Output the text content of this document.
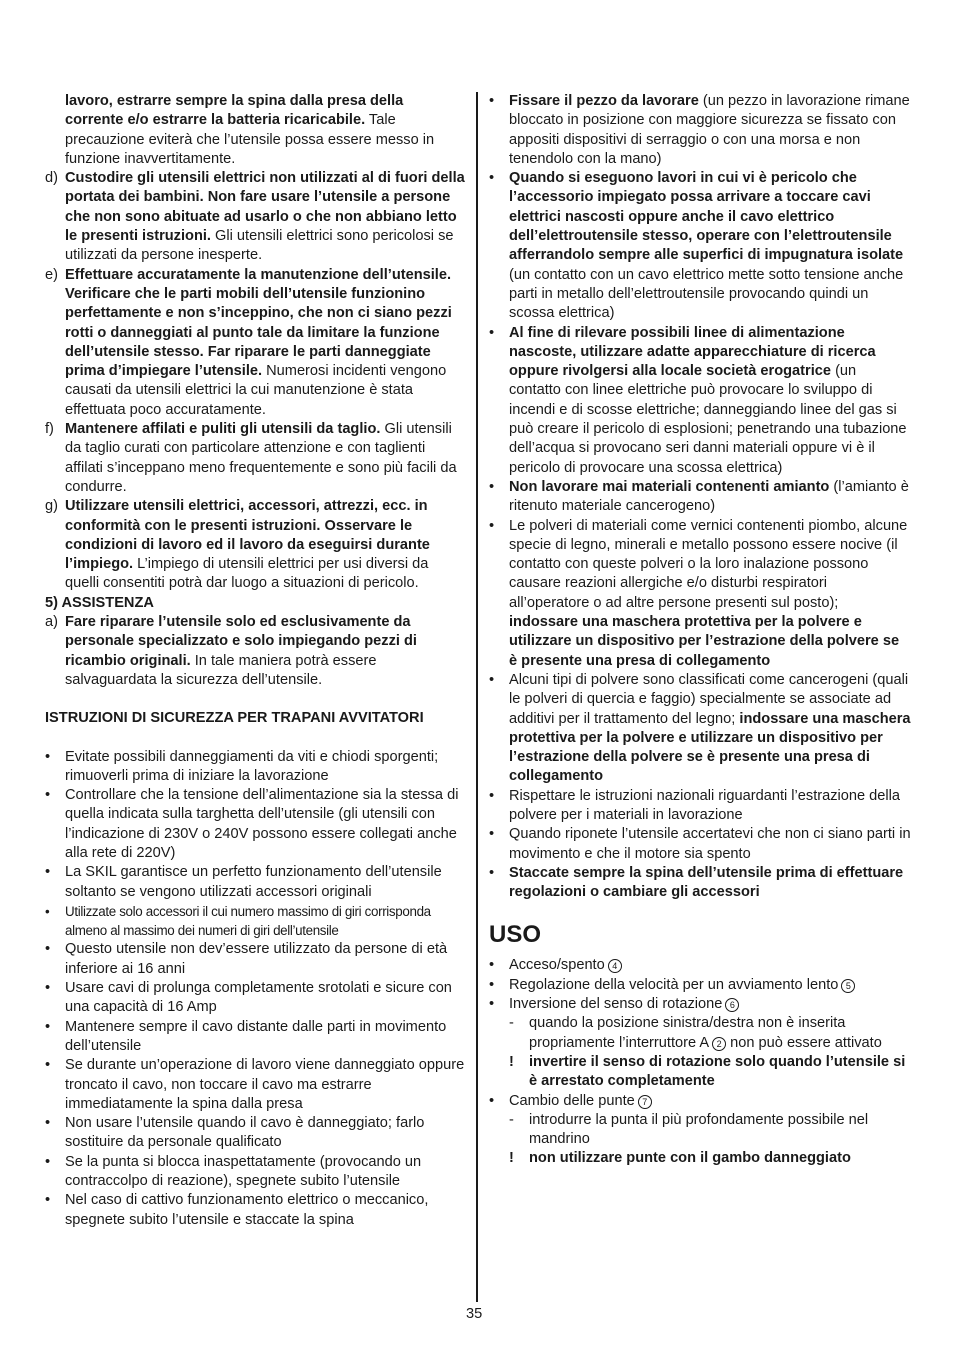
lavoro, estrarre sempre la spina dalla presa della corrente e/o estrarre la batteria ricaricabile. Tale precauzione eviterà che l’utensile possa essere messo in funzione inavvertitamente.
d) Custodire gli utensili elettrici non utilizzati al di fuori della portata dei bambini. Non fare usare l’utensile a persone che non sono abituate ad usarlo o che non abbiano letto le presenti istruzioni. Gli utensili elettrici sono pericolosi se utilizzati da persone inesperte.
e) Effettuare accuratamente la manutenzione dell’utensile. Verificare che le parti mobili dell’utensile funzionino perfettamente e non s’inceppino, che non ci siano pezzi rotti o danneggiati al punto tale da limitare la funzione dell’utensile stesso. Far riparare le parti danneggiate prima d’impiegare l’utensile. Numerosi incidenti vengono causati da utensili elettrici la cui manutenzione è stata effettuata poco accuratamente.
f) Mantenere affilati e puliti gli utensili da taglio. Gli utensili da taglio curati con particolare attenzione e con taglienti affilati s’inceppano meno frequentemente e sono più facili da condurre.
g) Utilizzare utensili elettrici, accessori, attrezzi, ecc. in conformità con le presenti istruzioni. Osservare le condizioni di lavoro ed il lavoro da eseguirsi durante l’impiego. L’impiego di utensili elettrici per usi diversi da quelli consentiti potrà dar luogo a situazioni di pericolo.
5) ASSISTENZA
a) Fare riparare l’utensile solo ed esclusivamente da personale specializzato e solo impiegando pezzi di ricambio originali. In tale maniera potrà essere salvaguardata la sicurezza dell’utensile.
ISTRUZIONI DI SICUREZZA PER TRAPANI AVVITATORI
• Evitate possibili danneggiamenti da viti e chiodi sporgenti; rimuoverli prima di iniziare la lavorazione
• Controllare che la tensione dell’alimentazione sia la stessa di quella indicata sulla targhetta dell’utensile (gli utensili con l’indicazione di 230V o 240V possono essere collegati anche alla rete di 220V)
• La SKIL garantisce un perfetto funzionamento dell’utensile soltanto se vengono utilizzati accessori originali
• Utilizzate solo accessori il cui numero massimo di giri corrisponda almeno al massimo dei numeri di giri dell’utensile
• Questo utensile non dev’essere utilizzato da persone di età inferiore ai 16 anni
• Usare cavi di prolunga completamente srotolati e sicure con una capacità di 16 Amp
• Mantenere sempre il cavo distante dalle parti in movimento dell’utensile
• Se durante un’operazione di lavoro viene danneggiato oppure troncato il cavo, non toccare il cavo ma estrarre immediatamente la spina dalla presa
• Non usare l’utensile quando il cavo è danneggiato; farlo sostituire da personale qualificato
• Se la punta si blocca inaspettatamente (provocando un contraccolpo di reazione), spegnete subito l’utensile
• Nel caso di cattivo funzionamento elettrico o meccanico, spegnete subito l’utensile e staccate la spina
• Fissare il pezzo da lavorare (un pezzo in lavorazione rimane bloccato in posizione con maggiore sicurezza se fissato con appositi dispositivi di serraggio o con una morsa e non tenendolo con la mano)
• Quando si eseguono lavori in cui vi è pericolo che l’accessorio impiegato possa arrivare a toccare cavi elettrici nascosti oppure anche il cavo elettrico dell’elettroutensile stesso, operare con l’elettroutensile afferrandolo sempre alle superfici di impugnatura isolate (un contatto con un cavo elettrico mette sotto tensione anche parti in metallo dell’elettroutensile provocando quindi un scossa elettrica)
• Al fine di rilevare possibili linee di alimentazione nascoste, utilizzare adatte apparecchiature di ricerca oppure rivolgersi alla locale società erogatrice (un contatto con linee elettriche può provocare lo sviluppo di incendi e di scosse elettriche; danneggiando linee del gas si può creare il pericolo di esplosioni; penetrando una tubazione dell’acqua si provocano seri danni materiali oppure vi è il pericolo di provocare una scossa elettrica)
• Non lavorare mai materiali contenenti amianto (l’amianto è ritenuto materiale cancerogeno)
• Le polveri di materiali come vernici contenenti piombo, alcune specie di legno, minerali e metallo possono essere nocive (il contatto con queste polveri o la loro inalazione possono causare reazioni allergiche e/o disturbi respiratori all’operatore o ad altre persone presenti sul posto); indossare una maschera protettiva per la polvere e utilizzare un dispositivo per l’estrazione della polvere se è presente una presa di collegamento
• Alcuni tipi di polvere sono classificati come cancerogeni (quali le polveri di quercia e faggio) specialmente se associate ad additivi per il trattamento del legno; indossare una maschera protettiva per la polvere e utilizzare un dispositivo per l’estrazione della polvere se è presente una presa di collegamento
• Rispettare le istruzioni nazionali riguardanti l’estrazione della polvere per i materiali in lavorazione
• Quando riponete l’utensile accertatevi che non ci siano parti in movimento e che il motore sia spento
• Staccate sempre la spina dell’utensile prima di effettuare regolazioni o cambiare gli accessori
USO
• Acceso/spento 4
• Regolazione della velocità per un avviamento lento 5
• Inversione del senso di rotazione 6
- quando la posizione sinistra/destra non è inserita propriamente l’interruttore A 2 non può essere attivato
! invertire il senso di rotazione solo quando l’utensile si è arrestato completamente
• Cambio delle punte 7
- introdurre la punta il più profondamente possibile nel mandrino
! non utilizzare punte con il gambo danneggiato
35
